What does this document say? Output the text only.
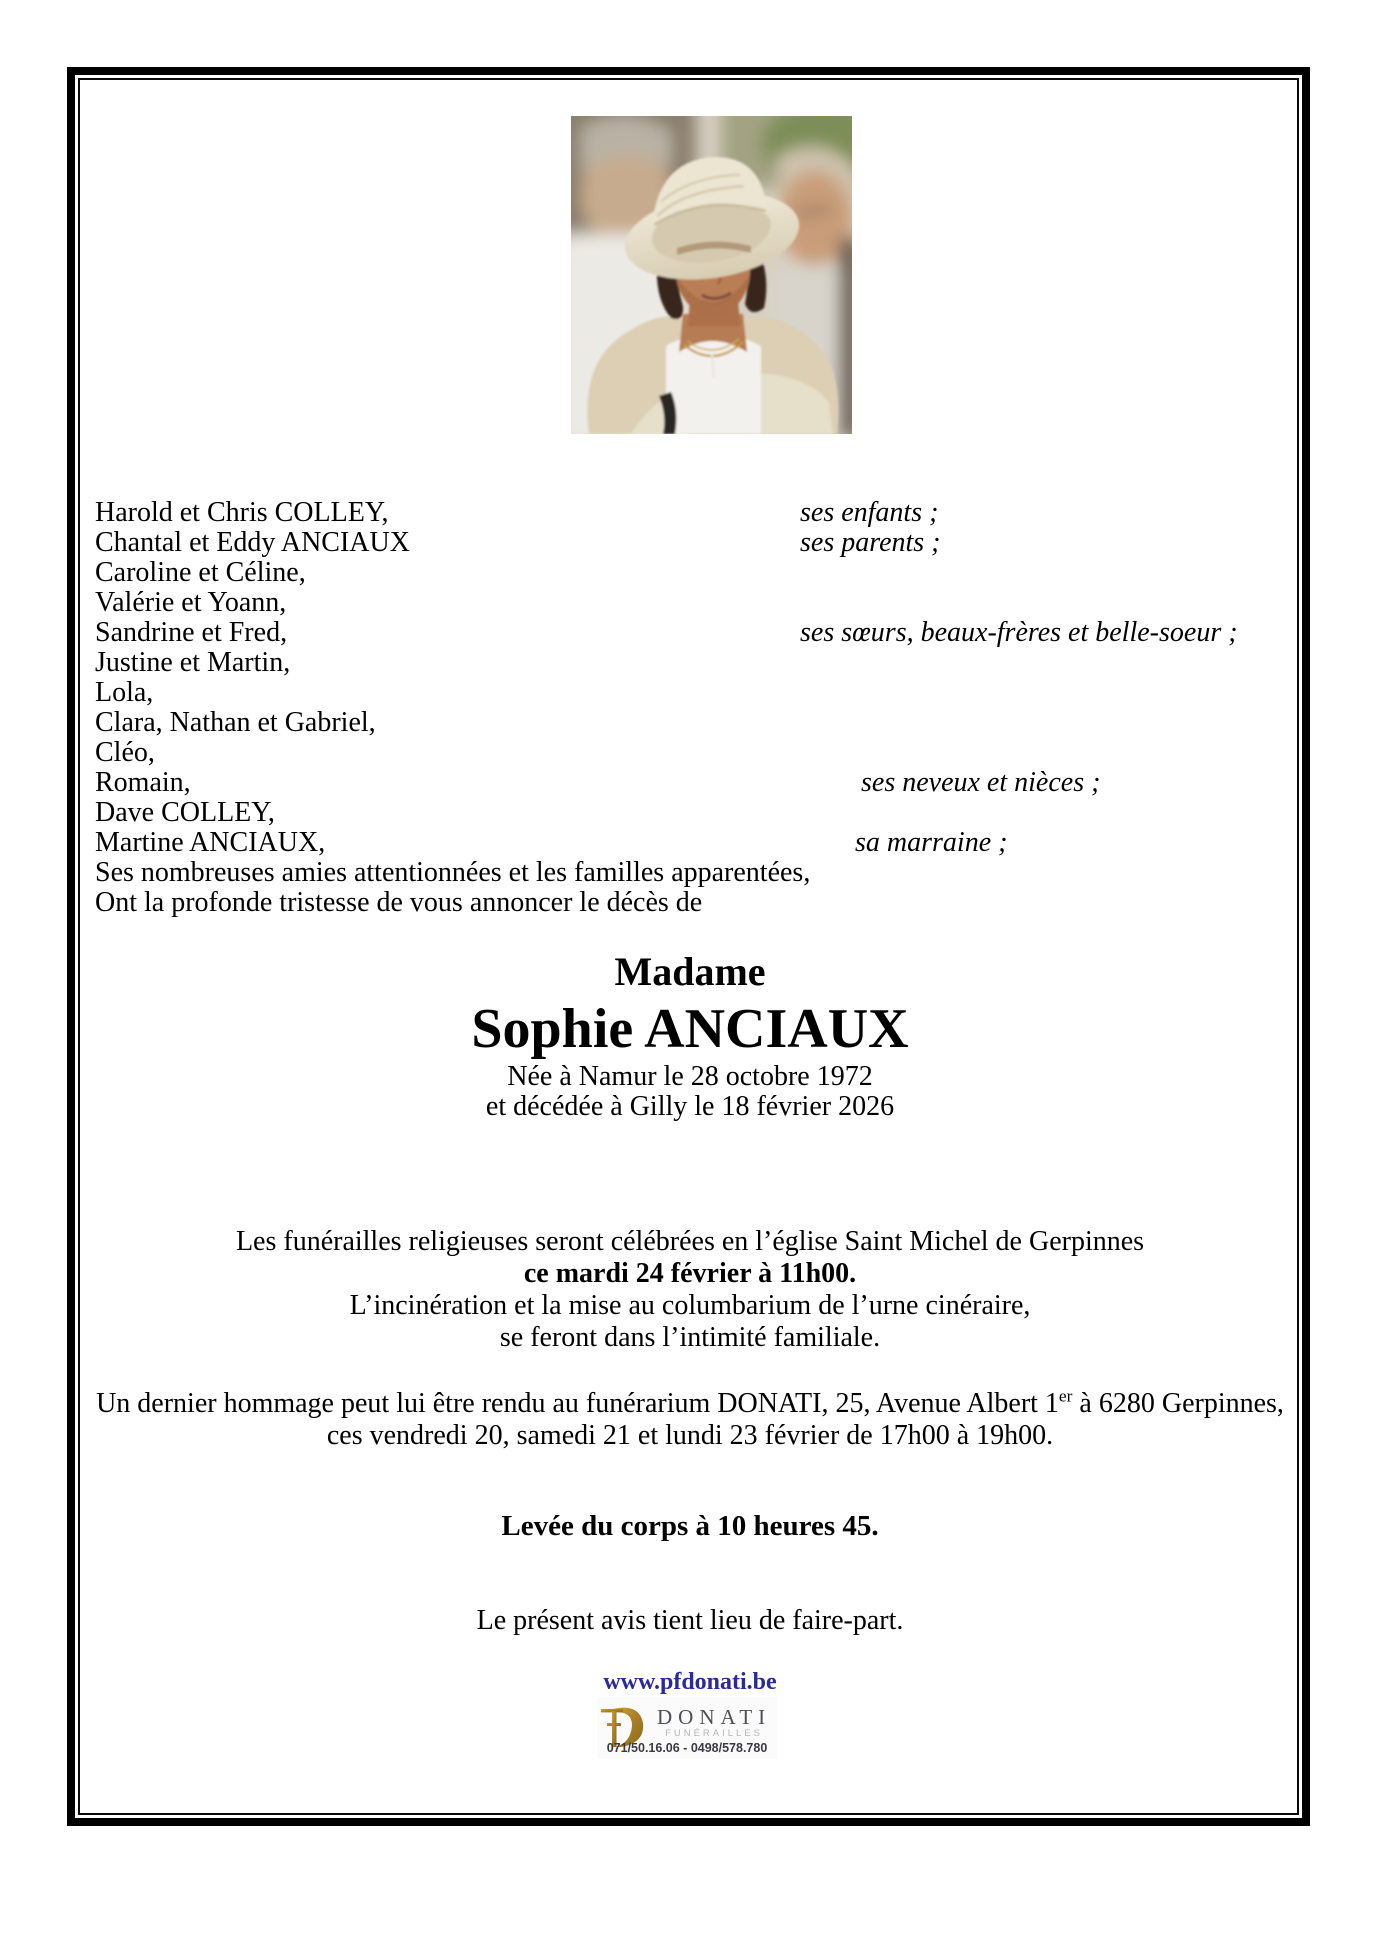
Harold et Chris COLLEY,	ses enfants ;
Chantal et Eddy ANCIAUX	ses parents ;
Caroline et Céline,
Valérie et Yoann,
Sandrine et Fred,	ses sœurs, beaux-frères et belle-soeur ;
Justine et Martin,
Lola,
Clara, Nathan et Gabriel,
Cléo,
Romain,	ses neveux et nièces ;
Dave COLLEY,
Martine ANCIAUX,	sa marraine ;
Ses nombreuses amies attentionnées et les familles apparentées,
Ont la profonde tristesse de vous annoncer le décès de
Madame
Sophie ANCIAUX
Née à Namur le 28 octobre 1972
et décédée à Gilly le 18 février 2026
Les funérailles religieuses seront célébrées en l’église Saint Michel de Gerpinnes
ce mardi 24 février à 11h00.
L’incinération et la mise au columbarium de l’urne cinéraire,
se feront dans l’intimité familiale.
Un dernier hommage peut lui être rendu au funérarium DONATI, 25, Avenue Albert 1er à 6280 Gerpinnes,
ces vendredi 20, samedi 21 et lundi 23 février de 17h00 à 19h00.
Levée du corps à 10 heures 45.
Le présent avis tient lieu de faire-part.
www.pfdonati.be
DONATI
FUNÉRAILLES
071/50.16.06 - 0498/578.780
